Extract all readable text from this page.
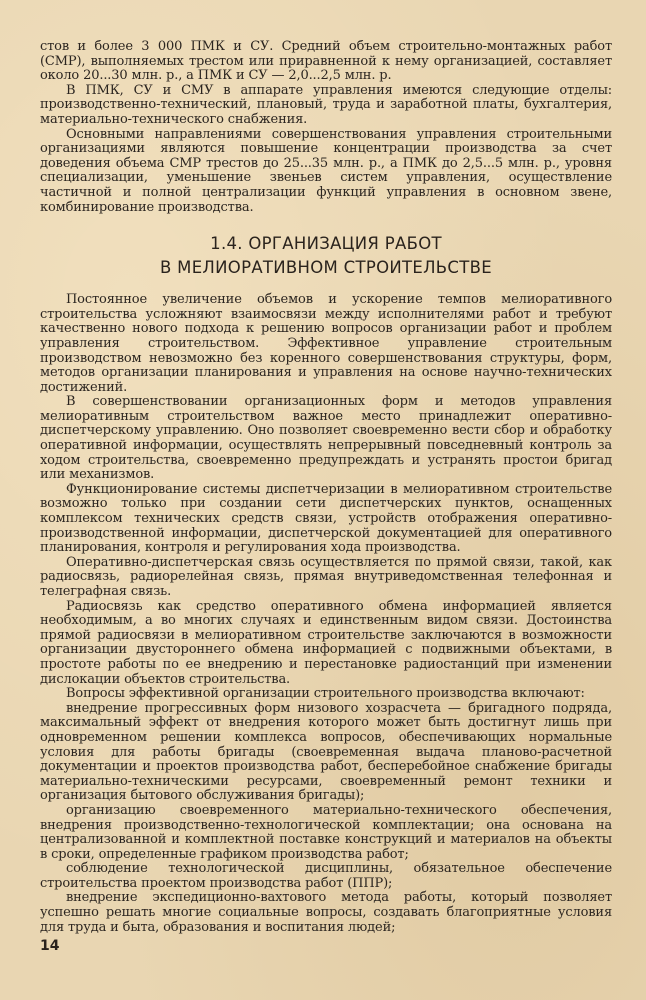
стов и более 3 000 ПМК и СУ. Средний объем строительно-монтажных работ (СМР), выполняемых трестом или приравненной к нему организацией, составляет около 20...30 млн. р., а ПМК и СУ — 2,0...2,5 млн. р.

В ПМК, СУ и СМУ в аппарате управления имеются следующие отделы: производственно-технический, плановый, труда и заработной платы, бухгалтерия, материально-технического снабжения.

Основными направлениями совершенствования управления строительными организациями являются повышение концентрации производства за счет доведения объема СМР трестов до 25...35 млн. р., а ПМК до 2,5...5 млн. р., уровня специализации, уменьшение звеньев систем управления, осуществление частичной и полной централизации функций управления в основном звене, комбинирование производства.

1.4. ОРГАНИЗАЦИЯ РАБОТ
В МЕЛИОРАТИВНОМ СТРОИТЕЛЬСТВЕ

Постоянное увеличение объемов и ускорение темпов мелиоративного строительства усложняют взаимосвязи между исполнителями работ и требуют качественно нового подхода к решению вопросов организации работ и проблем управления строительством. Эффективное управление строительным производством невозможно без коренного совершенствования структуры, форм, методов организации планирования и управления на основе научно-технических достижений.

В совершенствовании организационных форм и методов управления мелиоративным строительством важное место принадлежит оперативно-диспетчерскому управлению. Оно позволяет своевременно вести сбор и обработку оперативной информации, осуществлять непрерывный повседневный контроль за ходом строительства, своевременно предупреждать и устранять простои бригад или механизмов.

Функционирование системы диспетчеризации в мелиоративном строительстве возможно только при создании сети диспетчерских пунктов, оснащенных комплексом технических средств связи, устройств отображения оперативно-производственной информации, диспетчерской документацией для оперативного планирования, контроля и регулирования хода производства.

Оперативно-диспетчерская связь осуществляется по прямой связи, такой, как радиосвязь, радиорелейная связь, прямая внутриведомственная телефонная и телеграфная связь.

Радиосвязь как средство оперативного обмена информацией является необходимым, а во многих случаях и единственным видом связи. Достоинства прямой радиосвязи в мелиоративном строительстве заключаются в возможности организации двустороннего обмена информацией с подвижными объектами, в простоте работы по ее внедрению и перестановке радиостанций при изменении дислокации объектов строительства.

Вопросы эффективной организации строительного производства включают:

внедрение прогрессивных форм низового хозрасчета — бригадного подряда, максимальный эффект от внедрения которого может быть достигнут лишь при одновременном решении комплекса вопросов, обеспечивающих нормальные условия для работы бригады (своевременная выдача планово-расчетной документации и проектов производства работ, бесперебойное снабжение бригады материально-техническими ресурсами, своевременный ремонт техники и организация бытового обслуживания бригады);

организацию своевременного материально-технического обеспечения, внедрения производственно-технологической комплектации; она основана на централизованной и комплектной поставке конструкций и материалов на объекты в сроки, определенные графиком производства работ;

соблюдение технологической дисциплины, обязательное обеспечение строительства проектом производства работ (ППР);

внедрение экспедиционно-вахтового метода работы, который позволяет успешно решать многие социальные вопросы, создавать благоприятные условия для труда и быта, образования и воспитания людей;

14
